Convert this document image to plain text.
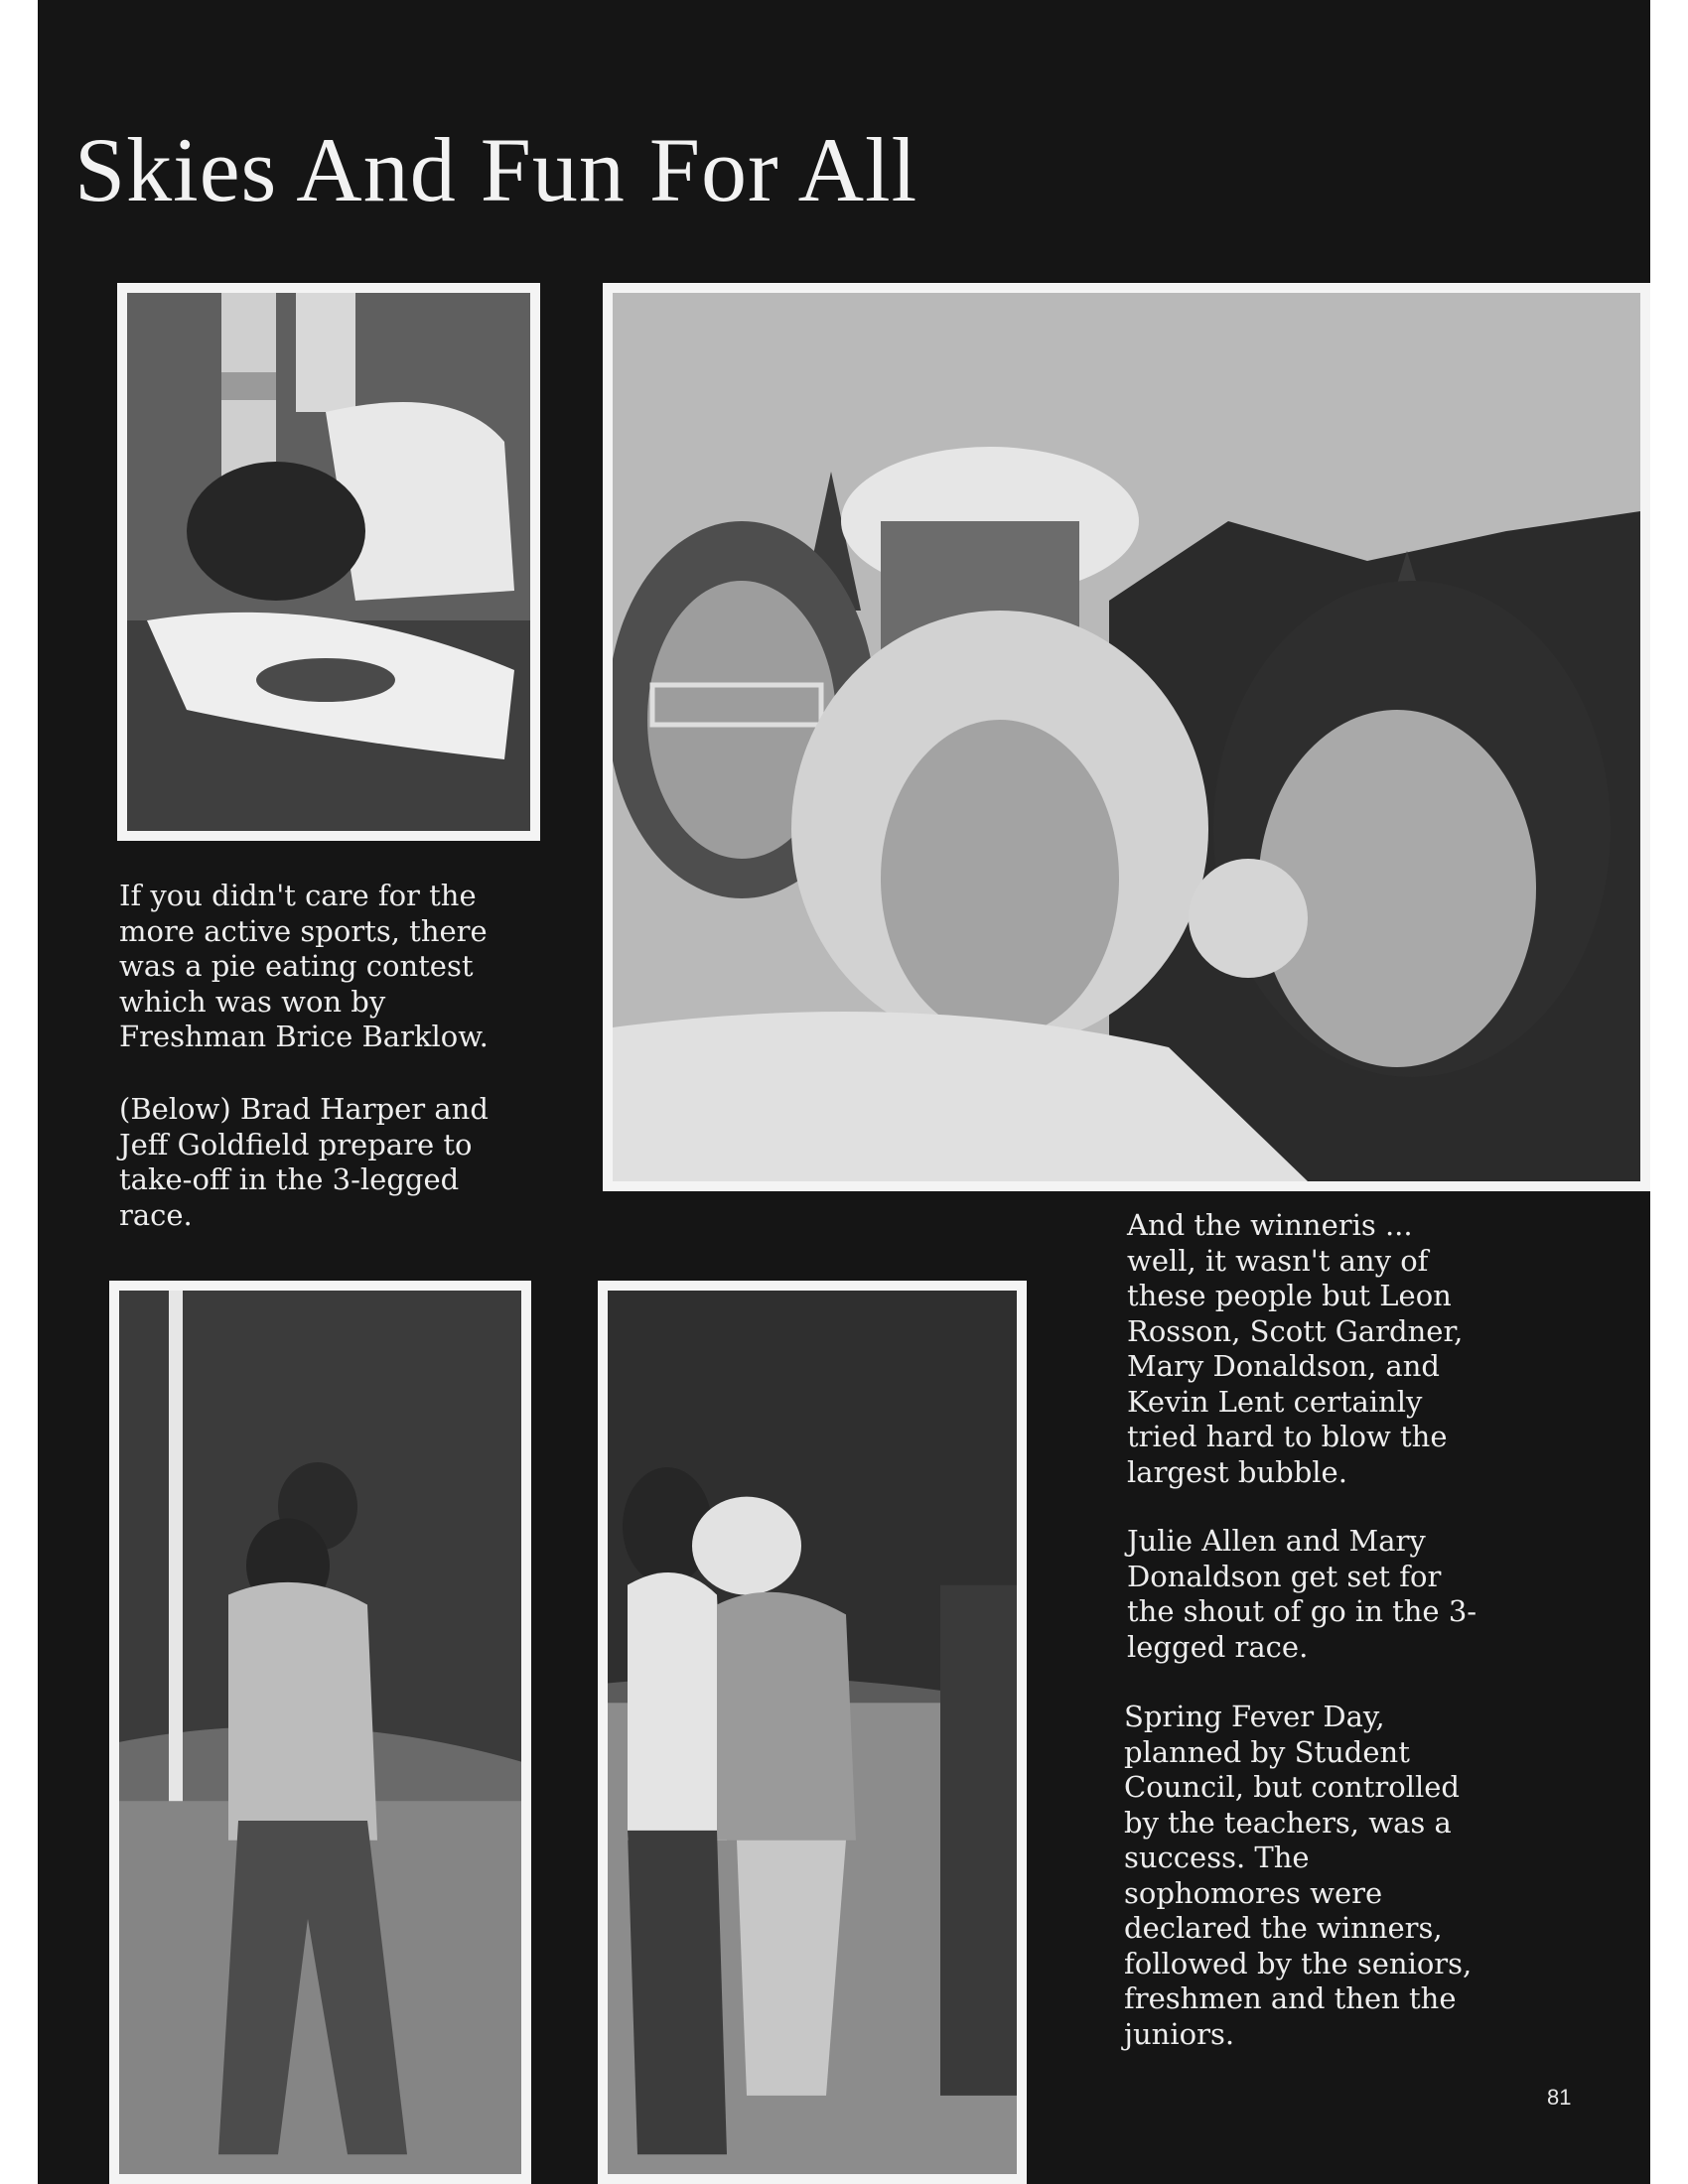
Skies And Fun For All

If you didn't care for the
more active sports, there
was a pie eating contest
which was won by
Freshman Brice Barklow.

(Below) Brad Harper and
Jeff Goldfield prepare to
take-off in the 3-legged
race.	And the winneris ...
well, it wasn't any of
these people but Leon
Rosson, Scott Gardner,
Mary Donaldson, and
Kevin Lent certainly
tried hard to blow the
largest bubble.

Julie Allen and Mary
Donaldson get set for
the shout of go in the 3-
legged race.

Spring Fever Day,
planned by Student
Council, but controlled
by the teachers, was a
success. The
sophomores were
declared the winners,
followed by the seniors,
freshmen and then the
juniors.

81
